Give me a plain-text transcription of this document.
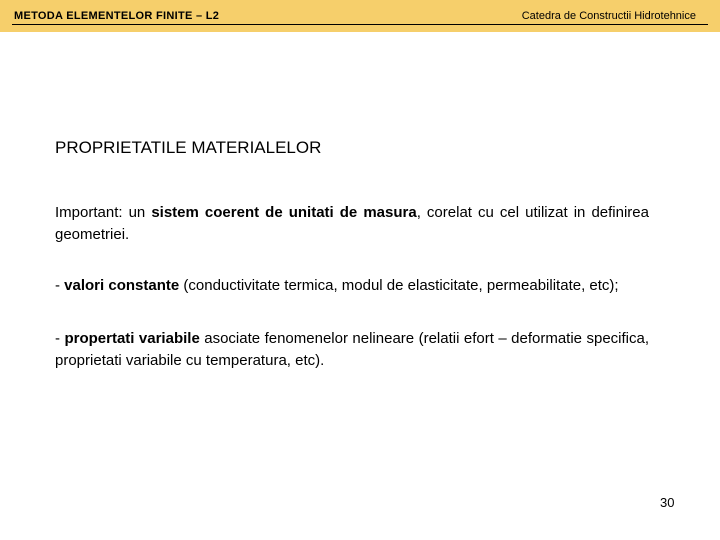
METODA ELEMENTELOR FINITE – L2	Catedra de Constructii Hidrotehnice
PROPRIETATILE MATERIALELOR
Important: un sistem coerent de unitati de masura, corelat cu cel utilizat in definirea geometriei.
- valori constante (conductivitate termica, modul de elasticitate, permeabilitate, etc);
- propertati variabile asociate fenomenelor nelineare (relatii efort – deformatie specifica, proprietati variabile cu temperatura, etc).
30
